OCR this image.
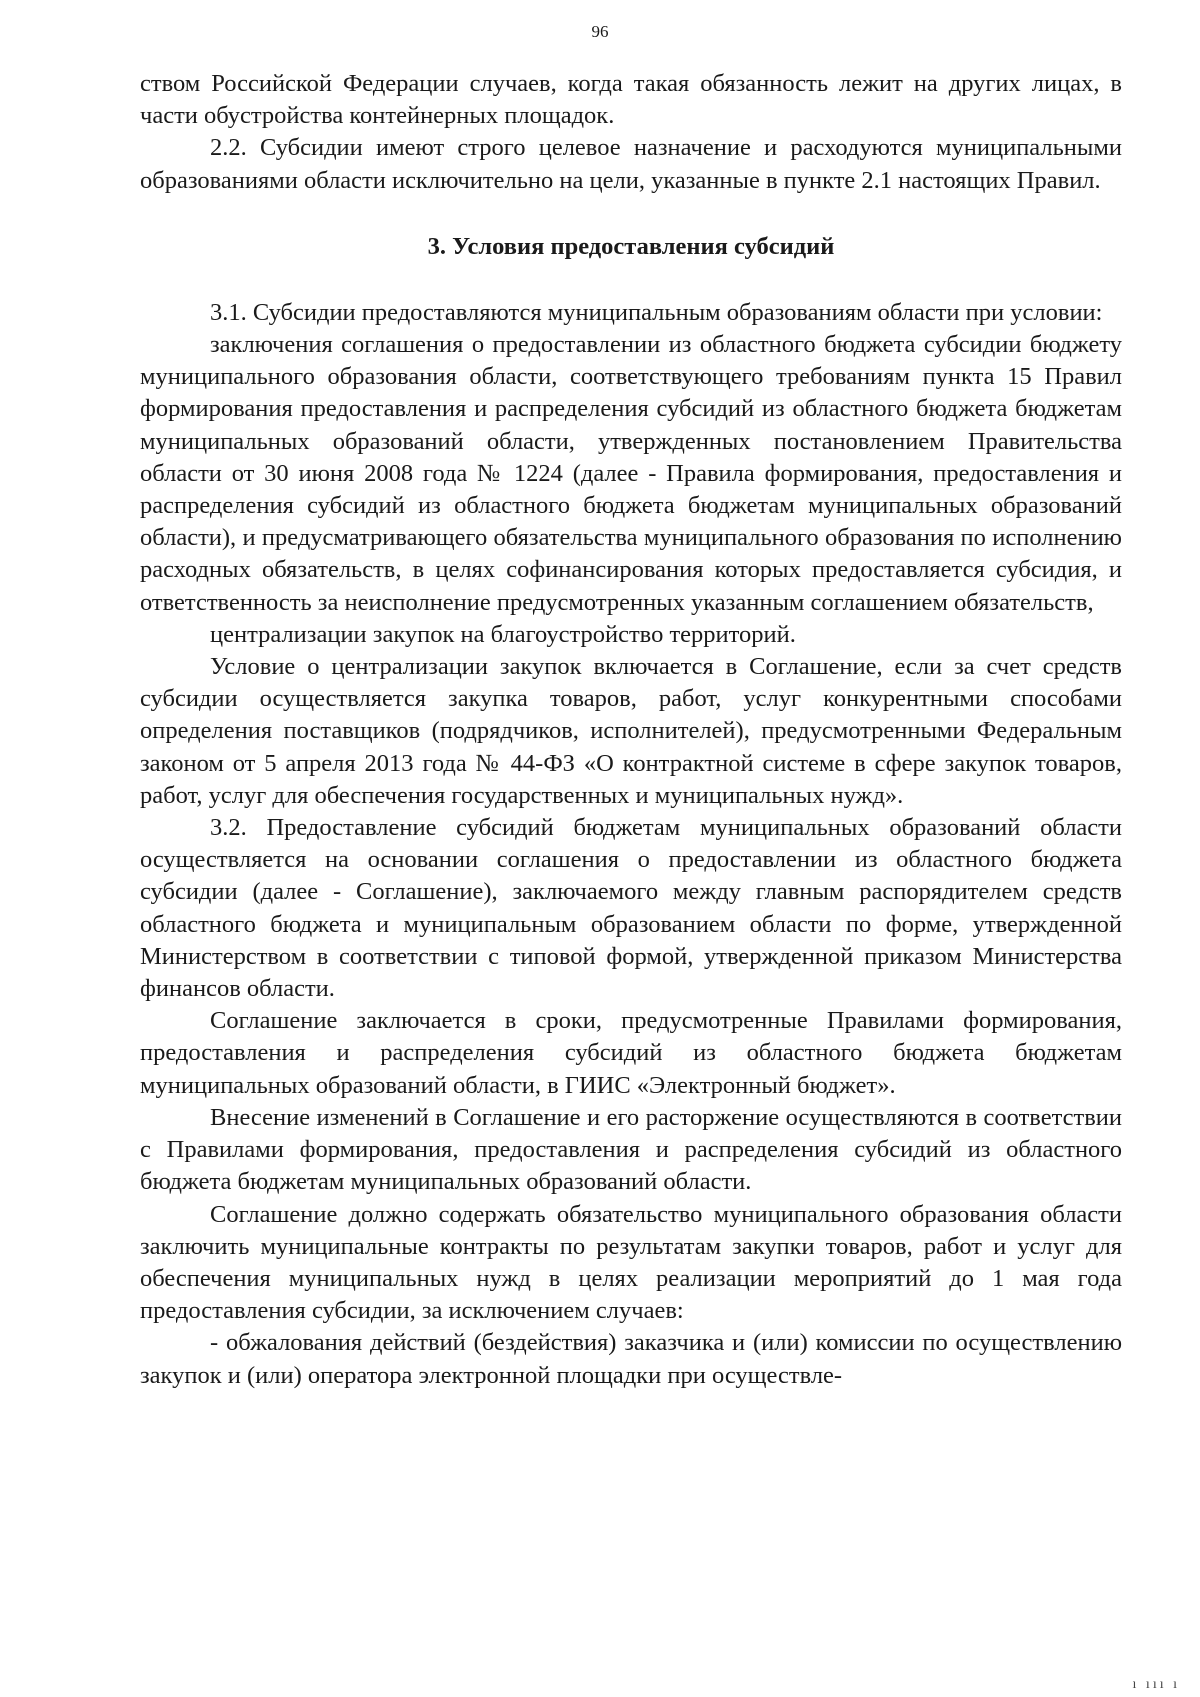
96

ством Российской Федерации случаев, когда такая обязанность лежит на других лицах, в части обустройства контейнерных площадок.

2.2. Субсидии имеют строго целевое назначение и расходуются муниципальными образованиями области исключительно на цели, указанные в пункте 2.1 настоящих Правил.

3. Условия предоставления субсидий

3.1. Субсидии предоставляются муниципальным образованиям области при условии:

заключения соглашения о предоставлении из областного бюджета субсидии бюджету муниципального образования области, соответствующего требованиям пункта 15 Правил формирования предоставления и распределения субсидий из областного бюджета бюджетам муниципальных образований области, утвержденных постановлением Правительства области от 30 июня 2008 года № 1224 (далее - Правила формирования, предоставления и распределения субсидий из областного бюджета бюджетам муниципальных образований области), и предусматривающего обязательства муниципального образования по исполнению расходных обязательств, в целях софинансирования которых предоставляется субсидия, и ответственность за неисполнение предусмотренных указанным соглашением обязательств,

централизации закупок на благоустройство территорий.

Условие о централизации закупок включается в Соглашение, если за счет средств субсидии осуществляется закупка товаров, работ, услуг конкурентными способами определения поставщиков (подрядчиков, исполнителей), предусмотренными Федеральным законом от 5 апреля 2013 года № 44-ФЗ «О контрактной системе в сфере закупок товаров, работ, услуг для обеспечения государственных и муниципальных нужд».

3.2. Предоставление субсидий бюджетам муниципальных образований области осуществляется на основании соглашения о предоставлении из областного бюджета субсидии (далее - Соглашение), заключаемого между главным распорядителем средств областного бюджета и муниципальным образованием области по форме, утвержденной Министерством в соответствии с типовой формой, утвержденной приказом Министерства финансов области.

Соглашение заключается в сроки, предусмотренные Правилами формирования, предоставления и распределения субсидий из областного бюджета бюджетам муниципальных образований области, в ГИИС «Электронный бюджет».

Внесение изменений в Соглашение и его расторжение осуществляются в соответствии с Правилами формирования, предоставления и распределения субсидий из областного бюджета бюджетам муниципальных образований области.

Соглашение должно содержать обязательство муниципального образования области заключить муниципальные контракты по результатам закупки товаров, работ и услуг для обеспечения муниципальных нужд в целях реализации мероприятий до 1 мая года предоставления субсидии, за исключением случаев:

- обжалования действий (бездействия) заказчика и (или) комиссии по осуществлению закупок и (или) оператора электронной площадки при осуществле-

ı ııı ı
